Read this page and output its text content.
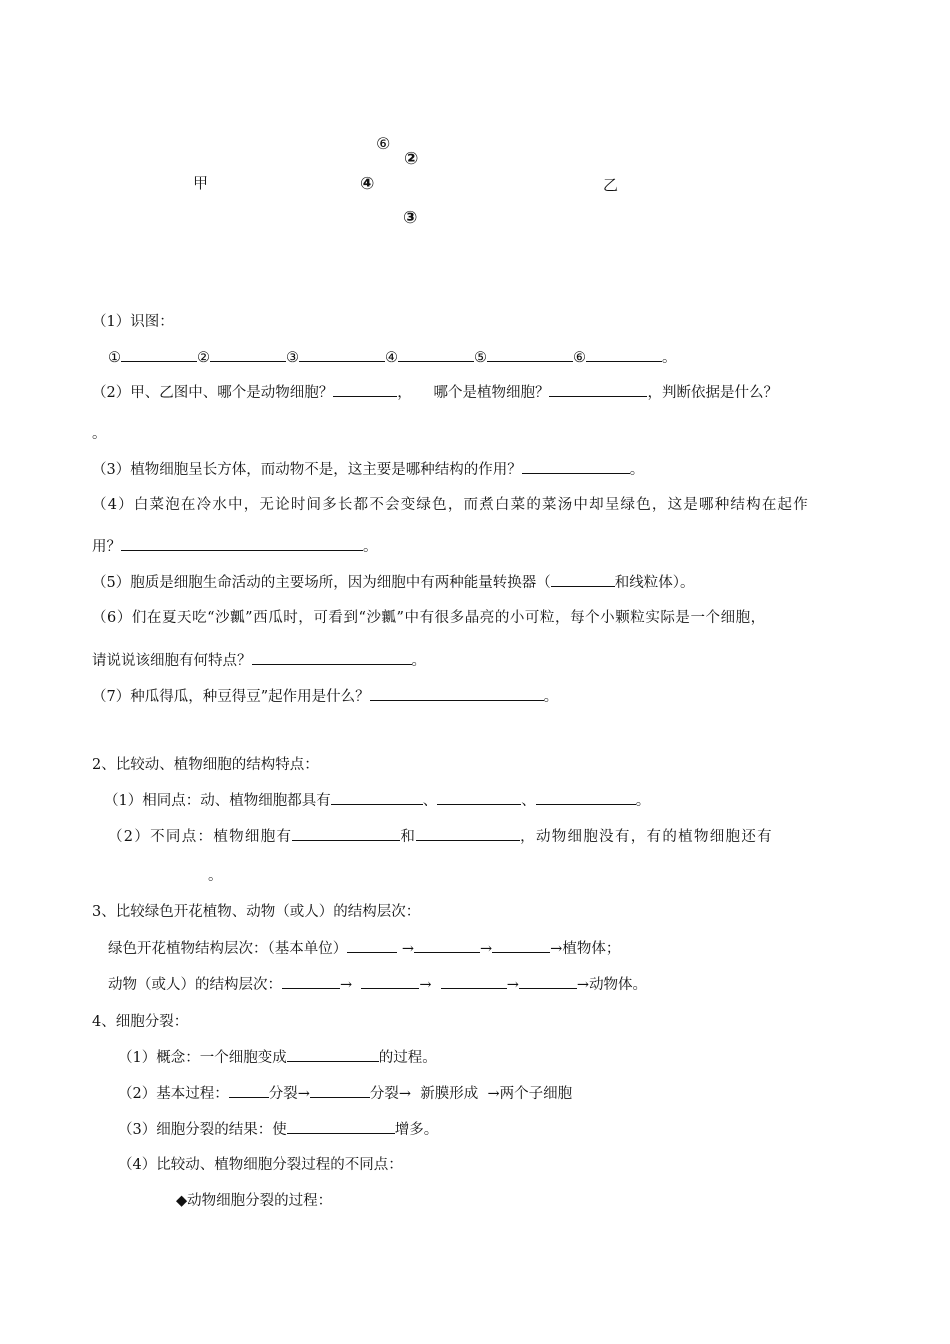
甲	乙
⑥
②
④
③
（1）识图：
①	②	③	④	⑤	⑥	。
（2）甲、乙图中、哪个是动物细胞？	，　　哪个是植物细胞？	，判断依据是什么？
。
（3）植物细胞呈长方体，而动物不是，这主要是哪种结构的作用？	。
（4）白菜泡在冷水中，无论时间多长都不会变绿色，而煮白菜的菜汤中却呈绿色，这是哪种结构在起作
用？	。
（5）胞质是细胞生命活动的主要场所，因为细胞中有两种能量转换器（	和线粒体）。
（6）们在夏天吃“沙瓤”西瓜时，可看到“沙瓤”中有很多晶亮的小可粒，每个小颗粒实际是一个细胞，
请说说该细胞有何特点？	。
（7）种瓜得瓜，种豆得豆”起作用是什么？	。
2、比较动、植物细胞的结构特点：
（1）相同点：动、植物细胞都具有	、	、	。
（2）不同点：植物细胞有	和	，动物细胞没有，有的植物细胞还有
。
3、比较绿色开花植物、动物（或人）的结构层次：
绿色开花植物结构层次：（基本单位）	→	→	→植物体；
动物（或人）的结构层次：	→	→	→	→动物体。
4、细胞分裂：
（1）概念：一个细胞变成	的过程。
（2）基本过程：	分裂→	分裂→ 新膜形成 →两个子细胞
（3）细胞分裂的结果：使	增多。
（4）比较动、植物细胞分裂过程的不同点：
◆动物细胞分裂的过程：
